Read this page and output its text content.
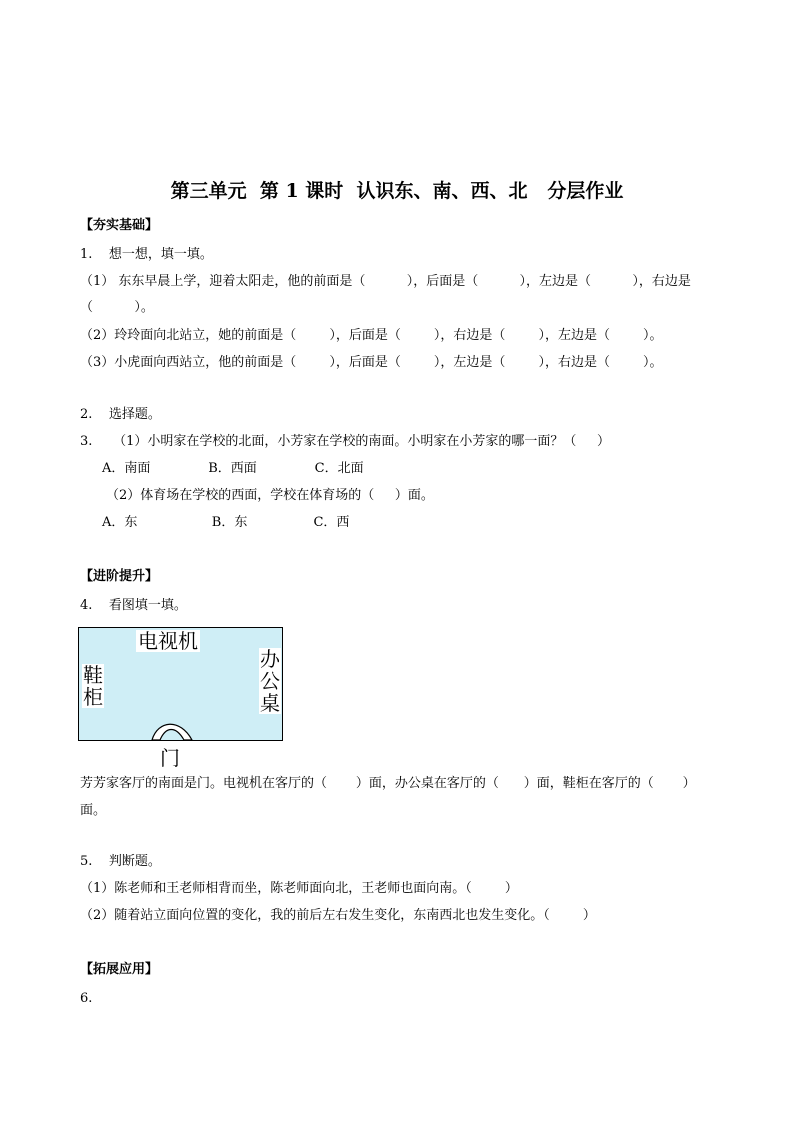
第三单元  第 1 课时  认识东、南、西、北   分层作业
【夯实基础】
1.    想一想，填一填。
（1） 东东早晨上学，迎着太阳走，他的前面是（          ），后面是（          ），左边是（          ），右边是
（          ）。
（2）玲玲面向北站立，她的前面是（        ），后面是（        ），右边是（        ），左边是（        ）。
（3）小虎面向西站立，他的前面是（        ），后面是（        ），左边是（        ），右边是（        ）。
2.    选择题。
3.     （1）小明家在学校的北面，小芳家在学校的南面。小明家在小芳家的哪一面？（     ）
A．南面              B．西面              C．北面
（2）体育场在学校的西面，学校在体育场的（     ）面。
A．东                  B．东                C．西
【进阶提升】
4.    看图填一填。
电视机
鞋
柜
办
公
桌
门
芳芳家客厅的南面是门。电视机在客厅的（       ）面，办公桌在客厅的（      ）面，鞋柜在客厅的（       ）
面。
5.    判断题。
（1）陈老师和王老师相背而坐，陈老师面向北，王老师也面向南。（        ）
（2）随着站立面向位置的变化，我的前后左右发生变化，东南西北也发生变化。（        ）
【拓展应用】
6.
